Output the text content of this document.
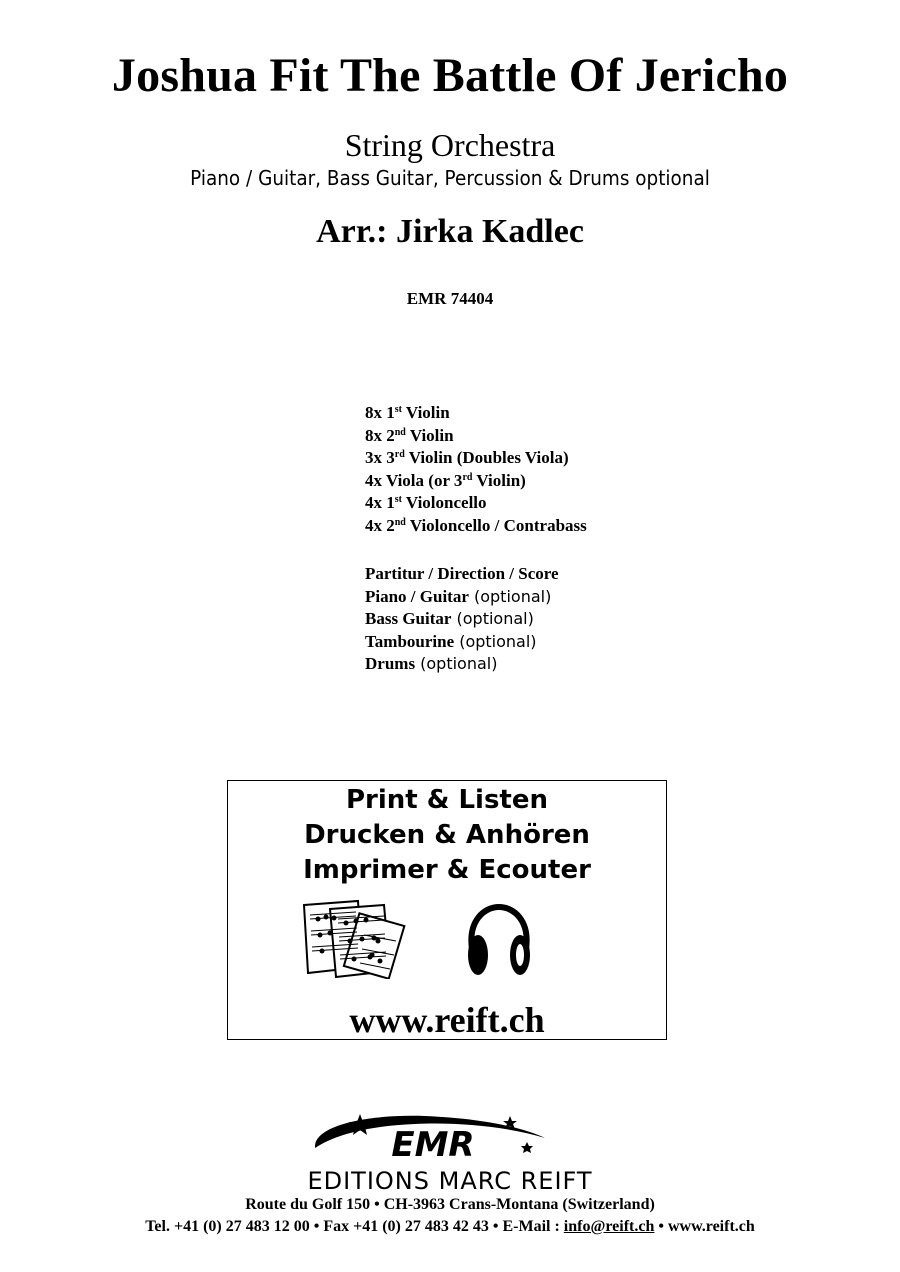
Joshua Fit The Battle Of Jericho
String Orchestra
Piano / Guitar, Bass Guitar, Percussion & Drums optional
Arr.: Jirka Kadlec
EMR 74404
8x 1st Violin
8x 2nd Violin
3x 3rd Violin (Doubles Viola)
4x Viola (or 3rd Violin)
4x 1st Violoncello
4x 2nd Violoncello / Contrabass
Partitur / Direction / Score
Piano / Guitar (optional)
Bass Guitar (optional)
Tambourine (optional)
Drums (optional)
Print & Listen
Drucken & Anhören
Imprimer & Ecouter
www.reift.ch
EMR
EDITIONS MARC REIFT
Route du Golf 150 • CH-3963 Crans-Montana (Switzerland)
Tel. +41 (0) 27 483 12 00 • Fax +41 (0) 27 483 42 43 • E-Mail : info@reift.ch • www.reift.ch
